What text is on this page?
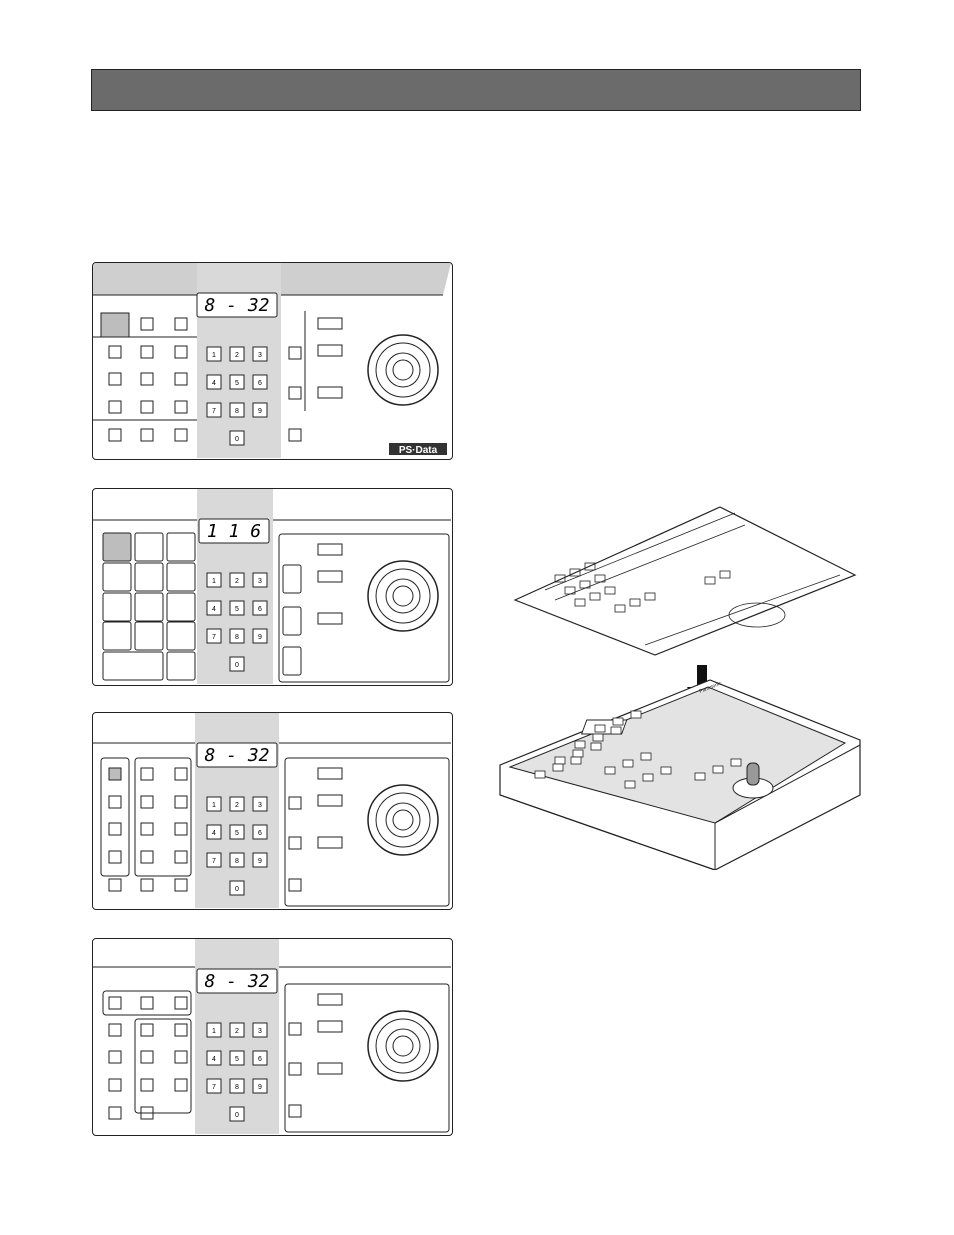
8 - 32
1	2	3
4	5	6
7	8	9
0
PS·Data
1 1 6
1	2	3
4	5	6
7	8	9
0
8 - 32
1	2	3
4	5	6
7	8	9
0
8 - 32
1	2	3
4	5	6
7	8	9
0
Panasonic
